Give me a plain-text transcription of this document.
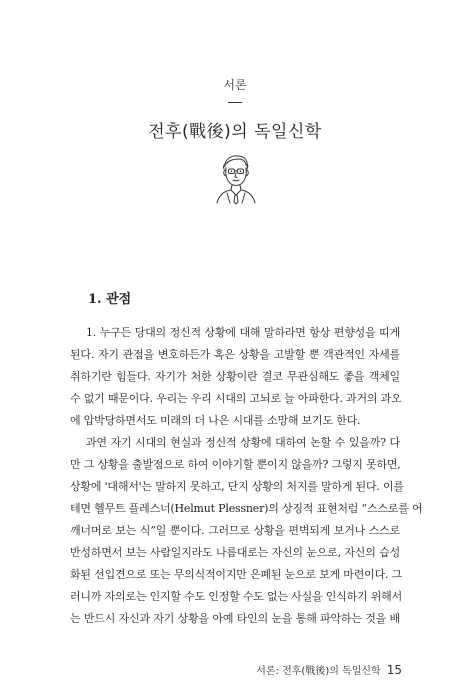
서론
전후(戰後)의 독일신학
1. 관점
1. 누구든 당대의 정신적 상황에 대해 말하라면 항상 편향성을 띠게
된다. 자기 관점을 변호하든가 혹은 상황을 고발할 뿐 객관적인 자세를
취하기란 힘들다. 자기가 처한 상황이란 결코 무관심해도 좋을 객체일
수 없기 때문이다. 우리는 우리 시대의 고뇌로 늘 아파한다. 과거의 과오
에 압박당하면서도 미래의 더 나은 시대를 소망해 보기도 한다.
과연 자기 시대의 현실과 정신적 상황에 대하여 논할 수 있을까? 다
만 그 상황을 출발점으로 하여 이야기할 뿐이지 않을까? 그렇지 못하면,
상황에 '대해서'는 말하지 못하고, 단지 상황의 처지를 말하게 된다. 이를
테면 헬무트 플레스너(Helmut Plessner)의 상징적 표현처럼 “스스로를 어
깨너머로 보는 식”일 뿐이다. 그러므로 상황을 편벽되게 보거나 스스로
반성하면서 보는 사람일지라도 나름대로는 자신의 눈으로, 자신의 습성
화된 선입견으로 또는 무의식적이지만 은폐된 눈으로 보게 마련이다. 그
러니까 자의로는 인지할 수도 인정할 수도 없는 사실을 인식하기 위해서
는 반드시 자신과 자기 상황을 아예 타인의 눈을 통해 파악하는 것을 배
서론: 전후(戰後)의 독일신학 15
